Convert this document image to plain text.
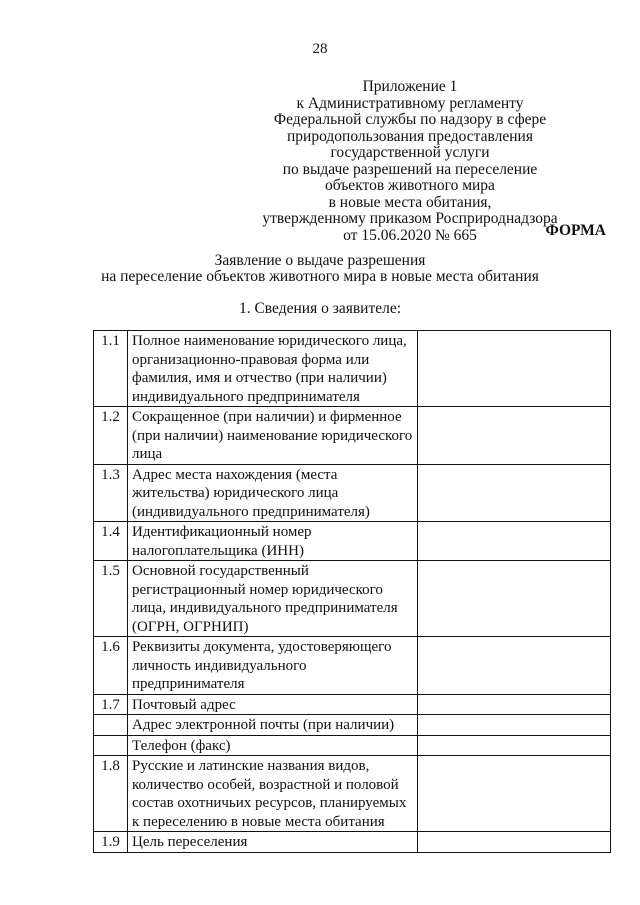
28
Приложение 1
к Административному регламенту
Федеральной службы по надзору в сфере
природопользования предоставления
государственной услуги
по выдаче разрешений на переселение
объектов животного мира
в новые места обитания,
утвержденному приказом Росприроднадзора
от 15.06.2020 № 665	ФОРМА
Заявление о выдаче разрешения
на переселение объектов животного мира в новые места обитания
1. Сведения о заявителе:
1.1	Полное наименование юридического лица, организационно-правовая форма или фамилия, имя и отчество (при наличии) индивидуального предпринимателя	
1.2	Сокращенное (при наличии) и фирменное (при наличии) наименование юридического лица	
1.3	Адрес места нахождения (места жительства) юридического лица (индивидуального предпринимателя)	
1.4	Идентификационный номер налогоплательщика (ИНН)	
1.5	Основной государственный регистрационный номер юридического лица, индивидуального предпринимателя (ОГРН, ОГРНИП)	
1.6	Реквизиты документа, удостоверяющего личность индивидуального предпринимателя	
1.7	Почтовый адрес	
	Адрес электронной почты (при наличии)	
	Телефон (факс)	
1.8	Русские и латинские названия видов, количество особей, возрастной и половой состав охотничьих ресурсов, планируемых к переселению в новые места обитания	
1.9	Цель переселения	
